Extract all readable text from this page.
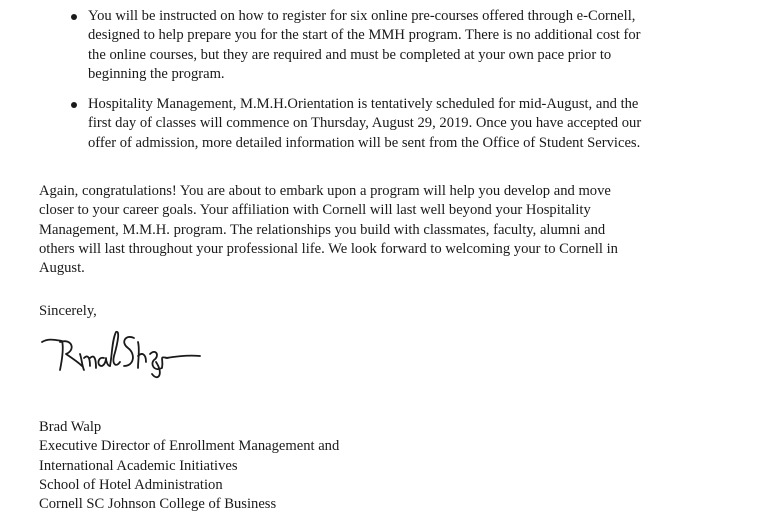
You will be instructed on how to register for six online pre-courses offered through e-Cornell,
designed to help prepare you for the start of the MMH program. There is no additional cost for
the online courses, but they are required and must be completed at your own pace prior to
beginning the program.
Hospitality Management, M.M.H.Orientation is tentatively scheduled for mid-August, and the
first day of classes will commence on Thursday, August 29, 2019. Once you have accepted our
offer of admission, more detailed information will be sent from the Office of Student Services.
Again, congratulations! You are about to embark upon a program will help you develop and move
closer to your career goals. Your affiliation with Cornell will last well beyond your Hospitality
Management, M.M.H. program. The relationships you build with classmates, faculty, alumni and
others will last throughout your professional life. We look forward to welcoming your to Cornell in
August.
Sincerely,
Brad Walp
Executive Director of Enrollment Management and
International Academic Initiatives
School of Hotel Administration
Cornell SC Johnson College of Business
